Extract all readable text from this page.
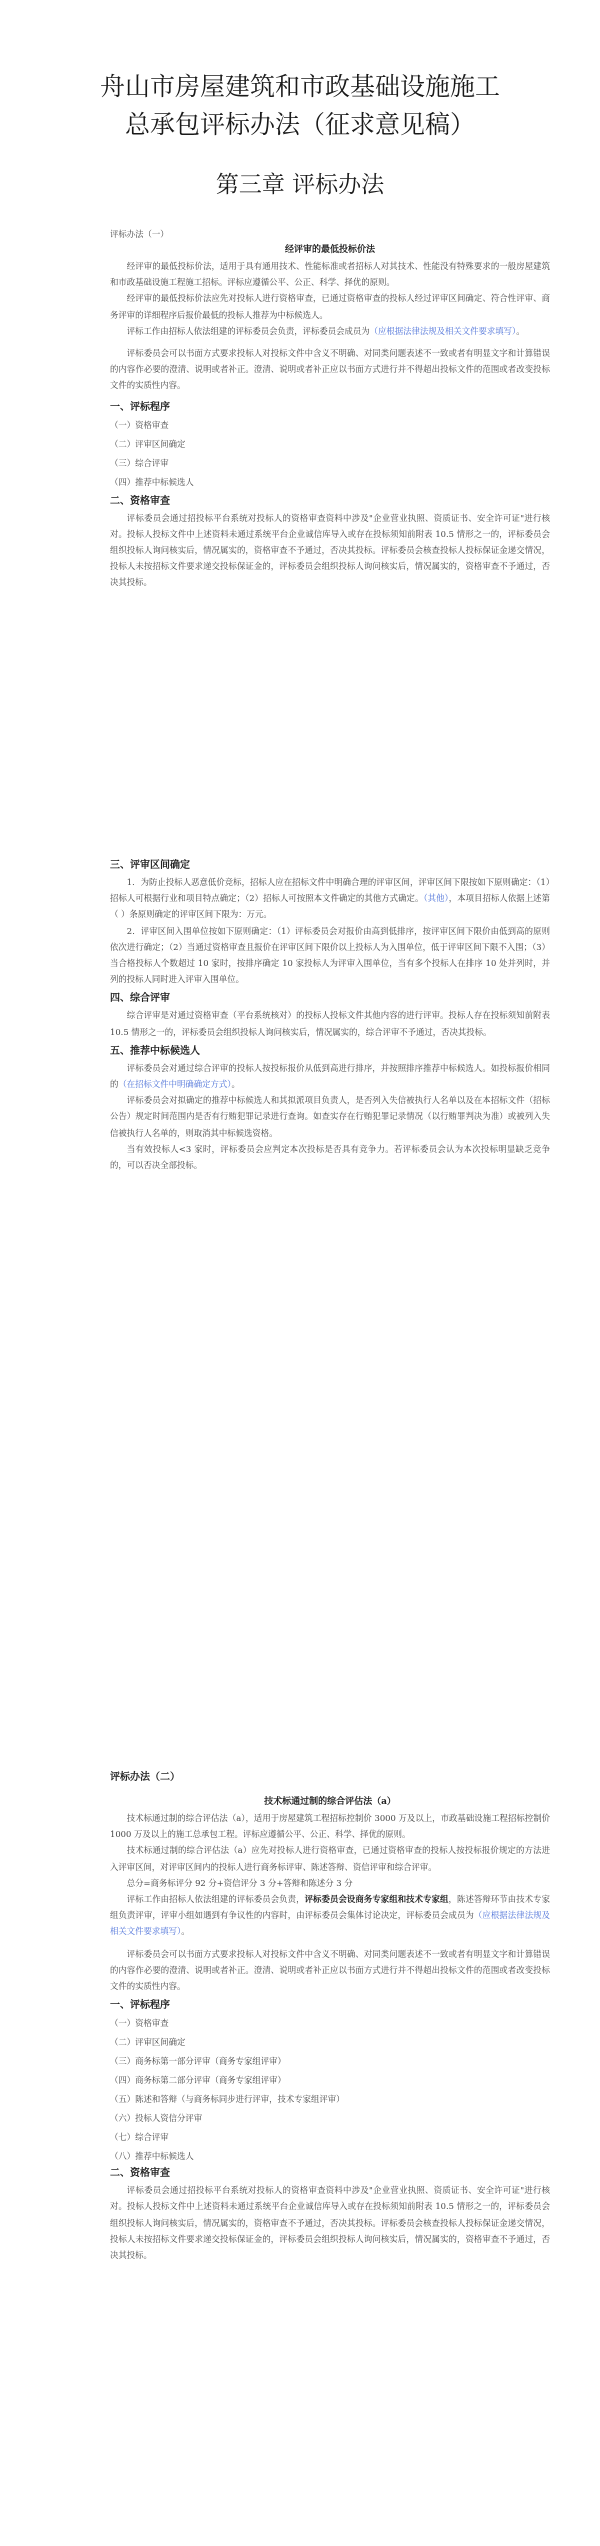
舟山市房屋建筑和市政基础设施施工总承包评标办法（征求意见稿）
第三章 评标办法

评标办法（一）

经评审的最低投标价法

经评审的最低投标价法，适用于具有通用技术、性能标准或者招标人对其技术、性能没有特殊要求的一般房屋建筑和市政基础设施工程施工招标。评标应遵循公平、公正、科学、择优的原则。

经评审的最低投标价法应先对投标人进行资格审查，已通过资格审查的投标人经过评审区间确定、符合性评审、商务评审的详细程序后报价最低的投标人推荐为中标候选人。

评标工作由招标人依法组建的评标委员会负责，评标委员会成员为（应根据法律法规及相关文件要求填写）。

评标委员会可以书面方式要求投标人对投标文件中含义不明确、对同类问题表述不一致或者有明显文字和计算错误的内容作必要的澄清、说明或者补正。澄清、说明或者补正应以书面方式进行并不得超出投标文件的范围或者改变投标文件的实质性内容。

一、评标程序

（一）资格审查

（二）评审区间确定

（三）综合评审

（四）推荐中标候选人

二、资格审查

评标委员会通过招投标平台系统对投标人的资格审查资料中涉及"企业营业执照、资质证书、安全许可证"进行核对。投标人投标文件中上述资料未通过系统平台企业诚信库导入或存在投标须知前附表 10.5 情形之一的，评标委员会组织投标人询问核实后，情况属实的，资格审查不予通过，否决其投标。评标委员会核查投标人投标保证金递交情况，投标人未按招标文件要求递交投标保证金的，评标委员会组织投标人询问核实后，情况属实的，资格审查不予通过，否决其投标。

三、评审区间确定

1．为防止投标人恶意低价竞标，招标人应在招标文件中明确合理的评审区间，评审区间下限按如下原则确定：（1）招标人可根据行业和项目特点确定；（2）招标人可按照本文件确定的其他方式确定。（其他），本项目招标人依据上述第（ ）条原则确定的评审区间下限为：万元。

2．评审区间入围单位按如下原则确定：（1）评标委员会对报价由高到低排序，按评审区间下限价由低到高的原则依次进行确定；（2）当通过资格审查且报价在评审区间下限价以上投标人为入围单位，低于评审区间下限不入围；（3）当合格投标人个数超过 10 家时，按排序确定 10 家投标人为评审入围单位，当有多个投标人在排序 10 处并列时，并列的投标人同时进入评审入围单位。

四、综合评审

综合评审是对通过资格审查（平台系统核对）的投标人投标文件其他内容的进行评审。投标人存在投标须知前附表 10.5 情形之一的，评标委员会组织投标人询问核实后，情况属实的，综合评审不予通过，否决其投标。

五、推荐中标候选人

评标委员会对通过综合评审的投标人按投标报价从低到高进行排序，并按照排序推荐中标候选人。如投标报价相同的（在招标文件中明确确定方式）。

评标委员会对拟确定的推荐中标候选人和其拟派项目负责人，是否列入失信被执行人名单以及在本招标文件（招标公告）规定时间范围内是否有行贿犯罪记录进行查询。如查实存在行贿犯罪记录情况（以行贿罪判决为准）或被列入失信被执行人名单的，则取消其中标候选资格。

当有效投标人<3 家时，评标委员会应判定本次投标是否具有竞争力。若评标委员会认为本次投标明显缺乏竞争的，可以否决全部投标。

评标办法（二）

技术标通过制的综合评估法（a）

技术标通过制的综合评估法（a），适用于房屋建筑工程招标控制价 3000 万及以上，市政基础设施工程招标控制价 1000 万及以上的施工总承包工程。评标应遵循公平、公正、科学、择优的原则。

技术标通过制的综合评估法（a）应先对投标人进行资格审查，已通过资格审查的投标人按投标报价规定的方法进入评审区间，对评审区间内的投标人进行商务标评审、陈述答辩、资信评审和综合评审。

总分=商务标评分 92 分+资信评分 3 分+答辩和陈述分 3 分

评标工作由招标人依法组建的评标委员会负责，评标委员会设商务专家组和技术专家组，陈述答辩环节由技术专家组负责评审，评审小组如遇到有争议性的内容时，由评标委员会集体讨论决定，评标委员会成员为（应根据法律法规及相关文件要求填写）。

评标委员会可以书面方式要求投标人对投标文件中含义不明确、对同类问题表述不一致或者有明显文字和计算错误的内容作必要的澄清、说明或者补正。澄清、说明或者补正应以书面方式进行并不得超出投标文件的范围或者改变投标文件的实质性内容。

一、评标程序

（一）资格审查

（二）评审区间确定

（三）商务标第一部分评审（商务专家组评审）

（四）商务标第二部分评审（商务专家组评审）

（五）陈述和答辩（与商务标同步进行评审，技术专家组评审）

（六）投标人资信分评审

（七）综合评审

（八）推荐中标候选人

二、资格审查

评标委员会通过招投标平台系统对投标人的资格审查资料中涉及"企业营业执照、资质证书、安全许可证"进行核对。投标人投标文件中上述资料未通过系统平台企业诚信库导入或存在投标须知前附表 10.5 情形之一的，评标委员会组织投标人询问核实后，情况属实的，资格审查不予通过，否决其投标。评标委员会核查投标人投标保证金递交情况，投标人未按招标文件要求递交投标保证金的，评标委员会组织投标人询问核实后，情况属实的，资格审查不予通过，否决其投标。
